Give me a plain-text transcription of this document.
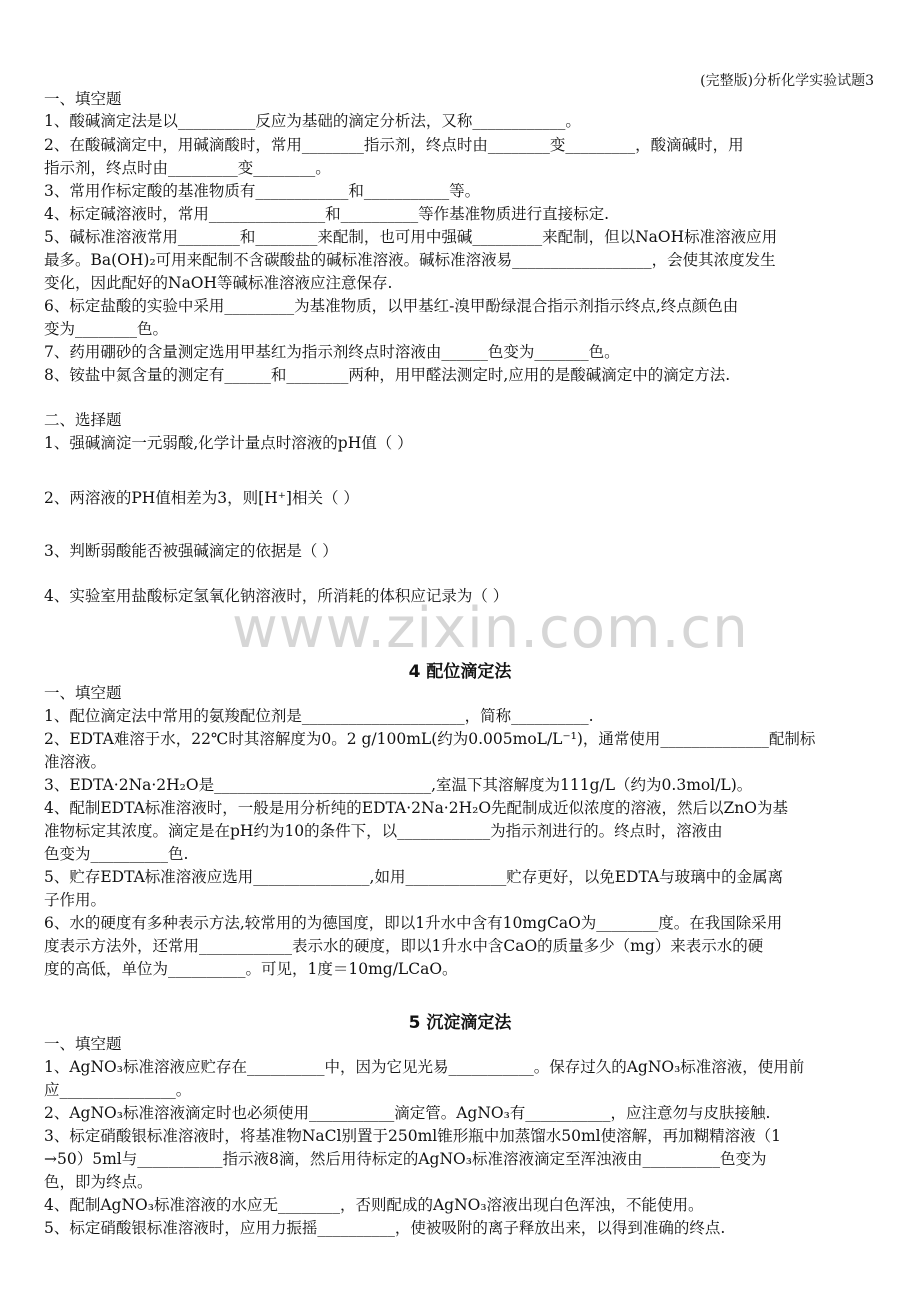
(完整版)分析化学实验试题3
www.zixin.com.cn
一、填空题
1、酸碱滴定法是以__________反应为基础的滴定分析法，又称____________。
2、在酸碱滴定中，用碱滴酸时，常用________指示剂，终点时由________变_________，酸滴碱时，用
指示剂，终点时由_________变________。
3、常用作标定酸的基准物质有____________和___________等。
4、标定碱溶液时，常用_______________和__________等作基准物质进行直接标定.
5、碱标准溶液常用________和________来配制，也可用中强碱_________来配制，但以NaOH标准溶液应用
最多。Ba(OH)₂可用来配制不含碳酸盐的碱标准溶液。碱标准溶液易__________________，会使其浓度发生
变化，因此配好的NaOH等碱标准溶液应注意保存.
6、标定盐酸的实验中采用_________为基准物质，以甲基红-溴甲酚绿混合指示剂指示终点,终点颜色由
变为________色。
7、药用硼砂的含量测定选用甲基红为指示剂终点时溶液由______色变为_______色。
8、铵盐中氮含量的测定有______和________两种，用甲醛法测定时,应用的是酸碱滴定中的滴定方法.
二、选择题
1、强碱滴淀一元弱酸,化学计量点时溶液的pH值（ ）
2、两溶液的PH值相差为3，则[H⁺]相关（ ）
3、判断弱酸能否被强碱滴定的依据是（ ）
4、实验室用盐酸标定氢氧化钠溶液时，所消耗的体积应记录为（ ）
4 配位滴定法
一、填空题
1、配位滴定法中常用的氨羧配位剂是_____________________，简称__________.
2、EDTA难溶于水，22℃时其溶解度为0。2 g/100mL(约为0.005moL/L⁻¹)，通常使用______________配制标
准溶液。
3、EDTA·2Na·2H₂O是____________________________,室温下其溶解度为111g/L（约为0.3mol/L)。
4、配制EDTA标准溶液时，一般是用分析纯的EDTA·2Na·2H₂O先配制成近似浓度的溶液，然后以ZnO为基
准物标定其浓度。滴定是在pH约为10的条件下，以____________为指示剂进行的。终点时，溶液由
色变为__________色.
5、贮存EDTA标准溶液应选用_______________,如用_____________贮存更好，以免EDTA与玻璃中的金属离
子作用。
6、水的硬度有多种表示方法,较常用的为德国度，即以1升水中含有10mgCaO为________度。在我国除采用
度表示方法外，还常用____________表示水的硬度，即以1升水中含CaO的质量多少（mg）来表示水的硬
度的高低，单位为__________。可见，1度＝10mg/LCaO。
5 沉淀滴定法
一、填空题
1、AgNO₃标准溶液应贮存在__________中，因为它见光易___________。保存过久的AgNO₃标准溶液，使用前
应_______________。
2、AgNO₃标准溶液滴定时也必须使用___________滴定管。AgNO₃有___________，应注意勿与皮肤接触.
3、标定硝酸银标准溶液时，将基准物NaCl别置于250ml锥形瓶中加蒸馏水50ml使溶解，再加糊精溶液（1
→50）5ml与___________指示液8滴，然后用待标定的AgNO₃标准溶液滴定至浑浊液由__________色变为
色，即为终点。
4、配制AgNO₃标准溶液的水应无________，否则配成的AgNO₃溶液出现白色浑浊，不能使用。
5、标定硝酸银标准溶液时，应用力振摇__________，使被吸附的离子释放出来，以得到准确的终点.
